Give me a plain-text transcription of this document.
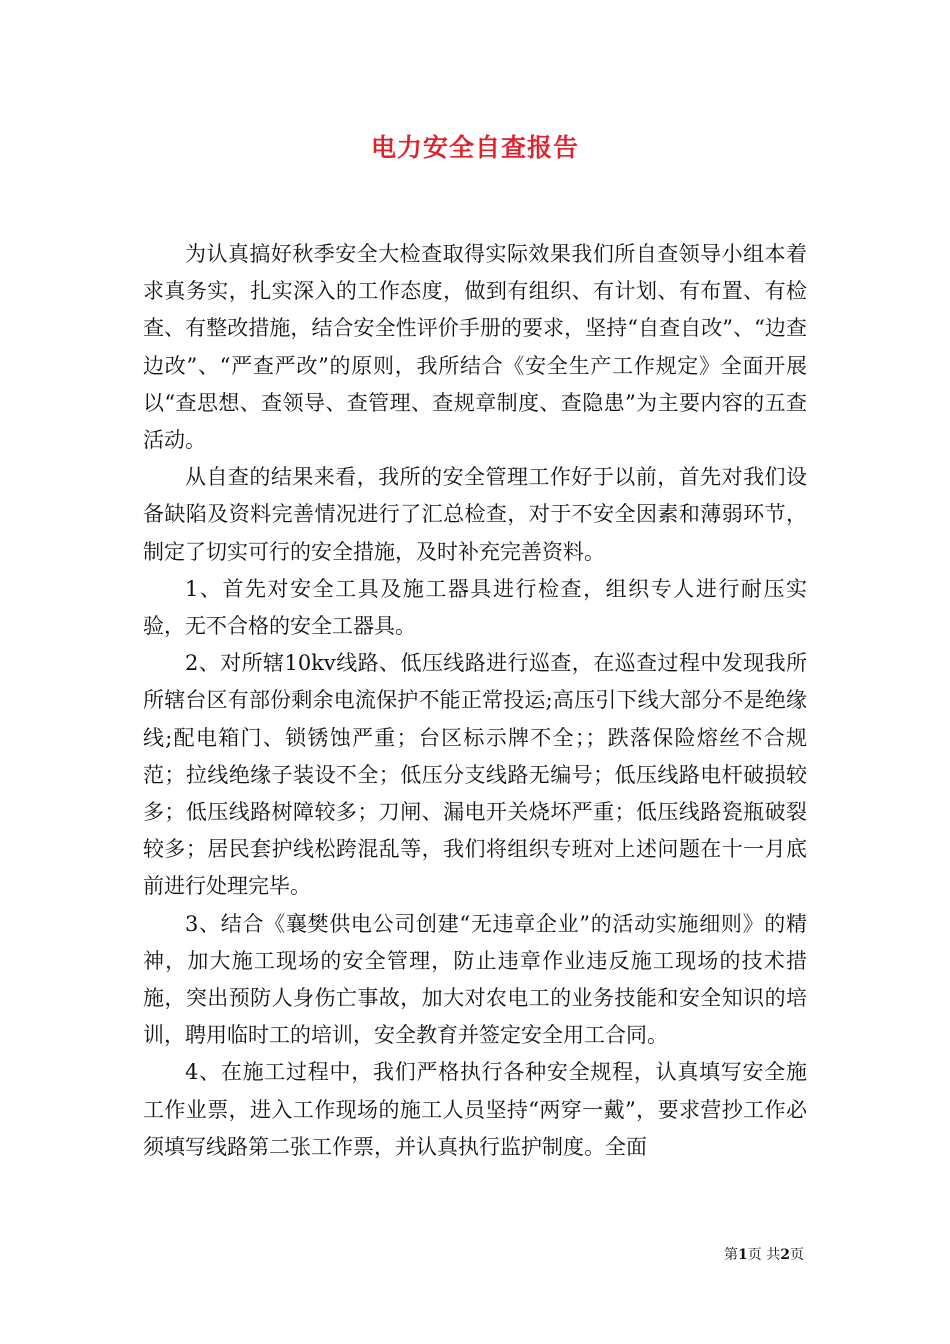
电力安全自查报告

为认真搞好秋季安全大检查取得实际效果我们所自查领导小组本着求真务实，扎实深入的工作态度，做到有组织、有计划、有布置、有检查、有整改措施，结合安全性评价手册的要求，坚持“自查自改”、“边查边改”、“严查严改”的原则，我所结合《安全生产工作规定》全面开展以“查思想、查领导、查管理、查规章制度、查隐患”为主要内容的五查活动。

从自查的结果来看，我所的安全管理工作好于以前，首先对我们设备缺陷及资料完善情况进行了汇总检查，对于不安全因素和薄弱环节，制定了切实可行的安全措施，及时补充完善资料。

1、首先对安全工具及施工器具进行检查，组织专人进行耐压实验，无不合格的安全工器具。

2、对所辖10kv线路、低压线路进行巡查，在巡查过程中发现我所所辖台区有部份剩余电流保护不能正常投运;高压引下线大部分不是绝缘线;配电箱门、锁锈蚀严重；台区标示牌不全；；跌落保险熔丝不合规范；拉线绝缘子装设不全；低压分支线路无编号；低压线路电杆破损较多；低压线路树障较多；刀闸、漏电开关烧坏严重；低压线路瓷瓶破裂较多；居民套护线松跨混乱等，我们将组织专班对上述问题在十一月底前进行处理完毕。

3、结合《襄樊供电公司创建“无违章企业”的活动实施细则》的精神，加大施工现场的安全管理，防止违章作业违反施工现场的技术措施，突出预防人身伤亡事故，加大对农电工的业务技能和安全知识的培训，聘用临时工的培训，安全教育并签定安全用工合同。

4、在施工过程中，我们严格执行各种安全规程，认真填写安全施工作业票，进入工作现场的施工人员坚持“两穿一戴”，要求营抄工作必须填写线路第二张工作票，并认真执行监护制度。全面

第1页 共2页
